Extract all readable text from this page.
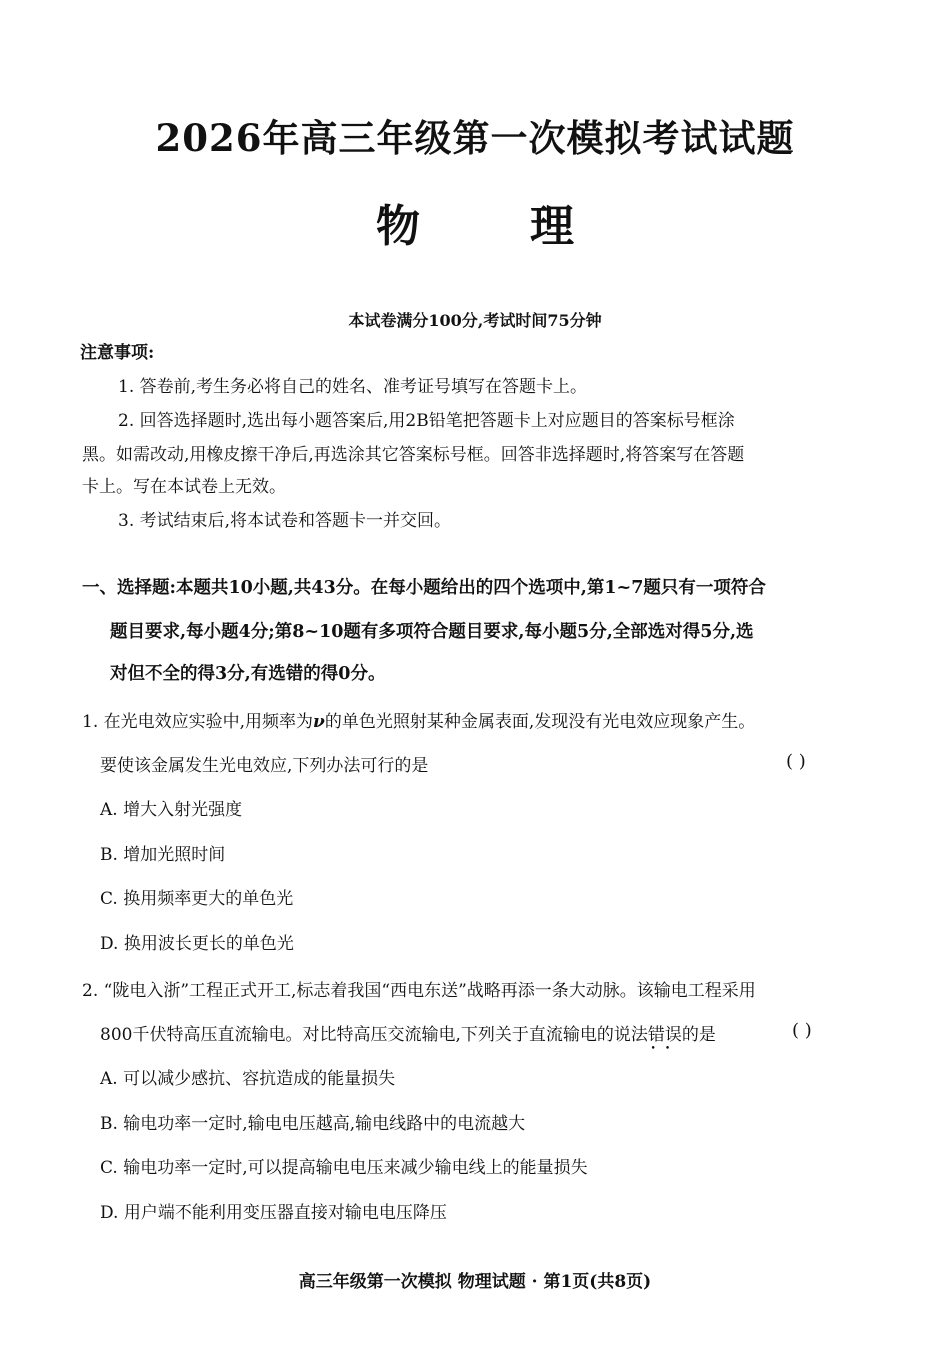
2026年高三年级第一次模拟考试试题
物	理
本试卷满分100分,考试时间75分钟
注意事项:
1. 答卷前,考生务必将自己的姓名、准考证号填写在答题卡上。
2. 回答选择题时,选出每小题答案后,用2B铅笔把答题卡上对应题目的答案标号框涂
黑。如需改动,用橡皮擦干净后,再选涂其它答案标号框。回答非选择题时,将答案写在答题
卡上。写在本试卷上无效。
3. 考试结束后,将本试卷和答题卡一并交回。
一、选择题:本题共10小题,共43分。在每小题给出的四个选项中,第1~7题只有一项符合
题目要求,每小题4分;第8~10题有多项符合题目要求,每小题5分,全部选对得5分,选
对但不全的得3分,有选错的得0分。
1. 在光电效应实验中,用频率为ν的单色光照射某种金属表面,发现没有光电效应现象产生。
要使该金属发生光电效应,下列办法可行的是	( )
A. 增大入射光强度
B. 增加光照时间
C. 换用频率更大的单色光
D. 换用波长更长的单色光
2. “陇电入浙”工程正式开工,标志着我国“西电东送”战略再添一条大动脉。该输电工程采用
800千伏特高压直流输电。对比特高压交流输电,下列关于直流输电的说法错误
••
的是	( )
A. 可以减少感抗、容抗造成的能量损失
B. 输电功率一定时,输电电压越高,输电线路中的电流越大
C. 输电功率一定时,可以提高输电电压来减少输电线上的能量损失
D. 用户端不能利用变压器直接对输电电压降压
高三年级第一次模拟 物理试题 · 第1页(共8页)
